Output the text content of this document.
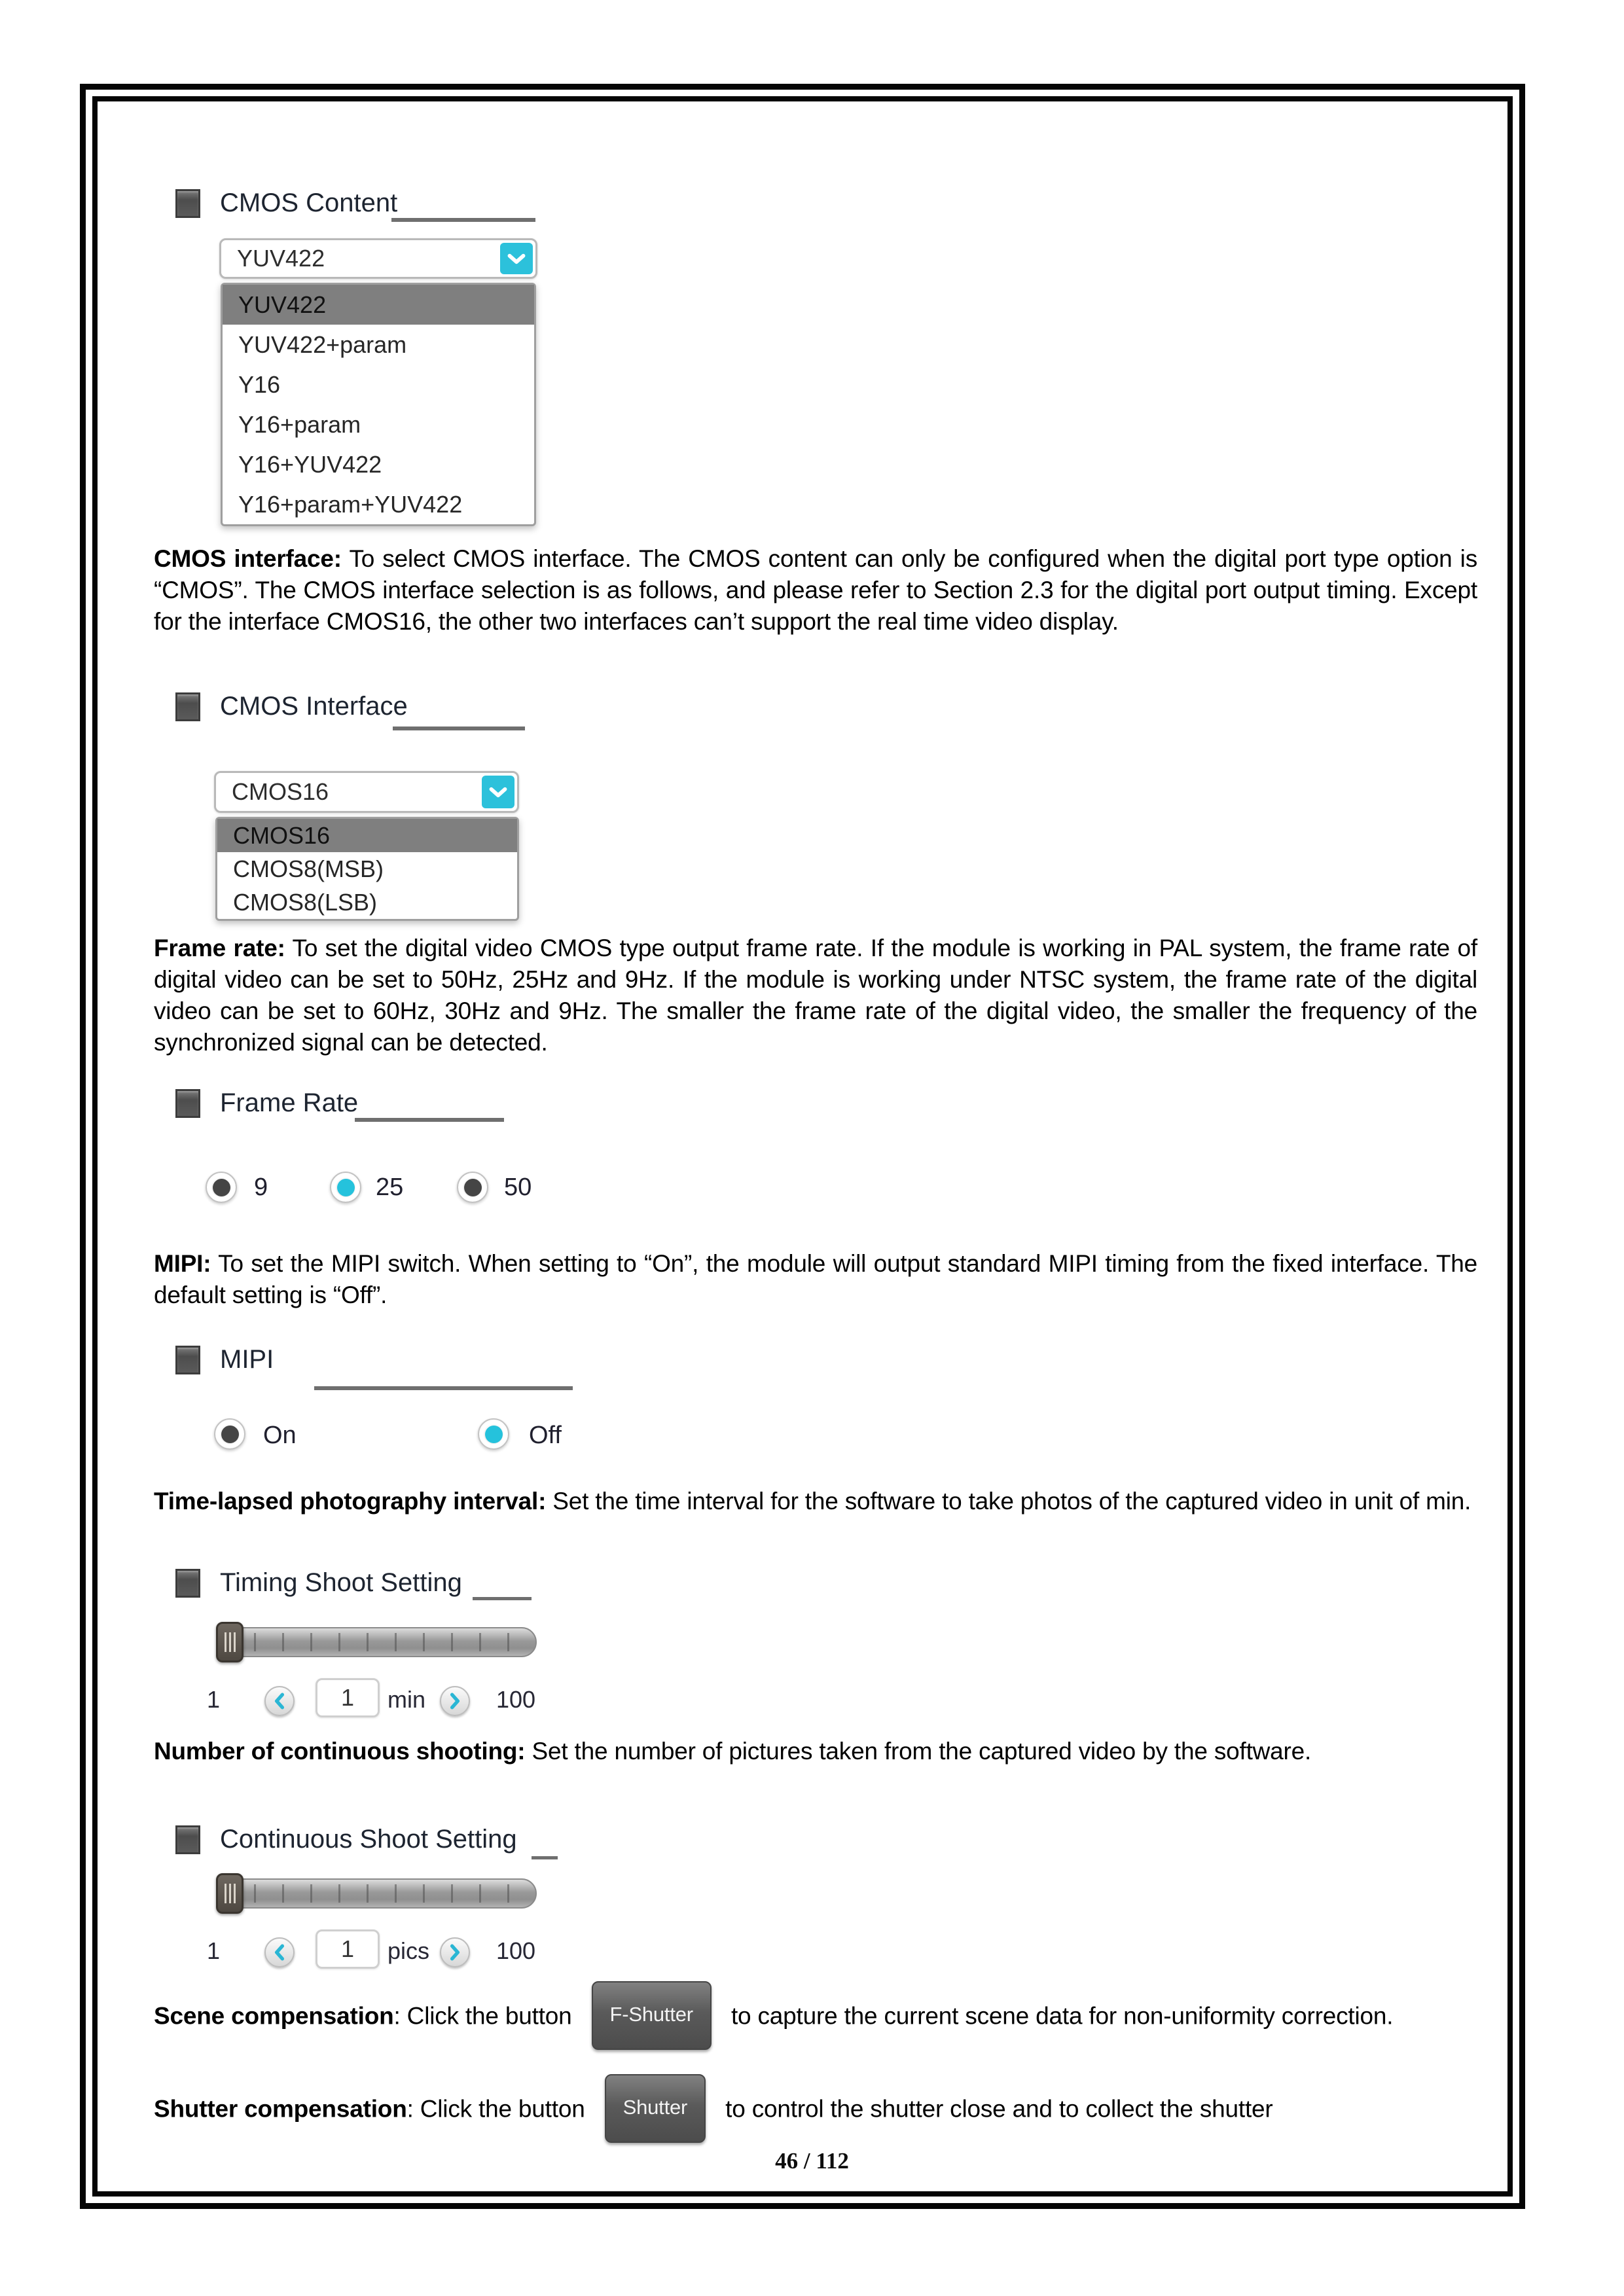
CMOS Content
YUV422
YUV422
YUV422+param
Y16
Y16+param
Y16+YUV422
Y16+param+YUV422

CMOS interface: To select CMOS interface. The CMOS content can only be configured when the digital port type option is “CMOS”. The CMOS interface selection is as follows, and please refer to Section 2.3 for the digital port output timing. Except for the interface CMOS16, the other two interfaces can’t support the real time video display.

CMOS Interface
CMOS16
CMOS16
CMOS8(MSB)
CMOS8(LSB)

Frame rate: To set the digital video CMOS type output frame rate. If the module is working in PAL system, the frame rate of digital video can be set to 50Hz, 25Hz and 9Hz. If the module is working under NTSC system, the frame rate of the digital video can be set to 60Hz, 30Hz and 9Hz. The smaller the frame rate of the digital video, the smaller the frequency of the synchronized signal can be detected.

Frame Rate
9	25	50

MIPI: To set the MIPI switch. When setting to “On”, the module will output standard MIPI timing from the fixed interface. The default setting is “Off”.

MIPI
On	Off

Time-lapsed photography interval: Set the time interval for the software to take photos of the captured video in unit of min.

Timing Shoot Setting
1	1 min	100

Number of continuous shooting: Set the number of pictures taken from the captured video by the software.

Continuous Shoot Setting
1	1 pics	100

Scene compensation: Click the button F-Shutter to capture the current scene data for non-uniformity correction.

Shutter compensation: Click the button Shutter to control the shutter close and to collect the shutter

46 / 112
